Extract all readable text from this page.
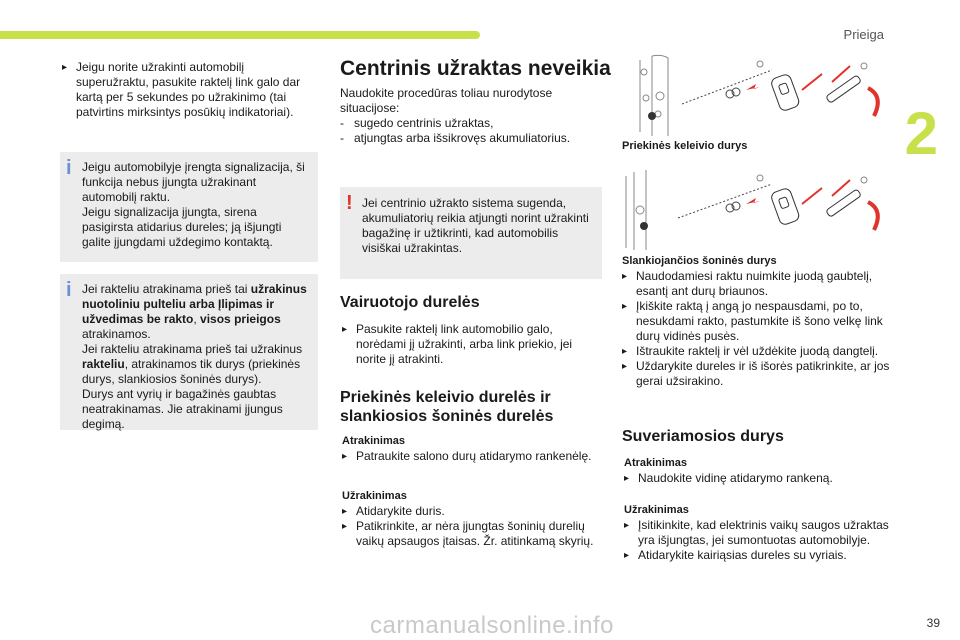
Prieiga
2
▸ Jeigu norite užrakinti automobilį superužraktu, pasukite raktelį link galo dar kartą per 5 sekundes po užrakinimo (tai patvirtins mirksintys posūkių indikatoriai).
i Jeigu automobilyje įrengta signalizacija, ši funkcija nebus įjungta užrakinant automobilį raktu.

Jeigu signalizacija įjungta, sirena pasigirsta atidarius dureles; ją išjungti galite įjungdami uždegimo kontaktą.

i Jei rakteliu atrakinama prieš tai užrakinus nuotoliniu pulteliu arba Įlipimas ir užvedimas be rakto, visos prieigos atrakinamos.

Jei rakteliu atrakinama prieš tai užrakinus rakteliu, atrakinamos tik durys (priekinės durys, slankiosios šoninės durys).

Durys ant vyrių ir bagažinės gaubtas neatrakinamas. Jie atrakinami įjungus degimą.

Centrinis užraktas neveikia
Naudokite procedūras toliau nurodytose situacijose:
- sugedo centrinis užraktas,
- atjungtas arba išsikrovęs akumuliatorius.
! Jei centrinio užrakto sistema sugenda, akumuliatorių reikia atjungti norint užrakinti bagažinę ir užtikrinti, kad automobilis visiškai užrakintas.

Vairuotojo durelės
▸ Pasukite raktelį link automobilio galo, norėdami jį užrakinti, arba link priekio, jei norite jį atrakinti.
Priekinės keleivio durelės ir
slankiosios šoninės durelės
Atrakinimas
▸ Patraukite salono durų atidarymo rankenėlę.
Užrakinimas
▸ Atidarykite duris.
▸ Patikrinkite, ar nėra įjungtas šoninių durelių vaikų apsaugos įtaisas. Žr. atitinkamą skyrių.
Priekinės keleivio durys
Slankiojančios šoninės durys
▸ Naudodamiesi raktu nuimkite juodą gaubtelį, esantį ant durų briaunos.
▸ Įkiškite raktą į angą jo nespausdami, po to, nesukdami rakto, pastumkite iš šono velkę link durų vidinės pusės.
▸ Ištraukite raktelį ir vėl uždėkite juodą dangtelį.
▸ Uždarykite dureles ir iš išorės patikrinkite, ar jos gerai užsirakino.
Suveriamosios durys
Atrakinimas
▸ Naudokite vidinę atidarymo rankeną.
Užrakinimas
▸ Įsitikinkite, kad elektrinis vaikų saugos užraktas yra išjungtas, jei sumontuotas automobilyje.
▸ Atidarykite kairiąsias dureles su vyriais.
carmanualsonline.info	39
